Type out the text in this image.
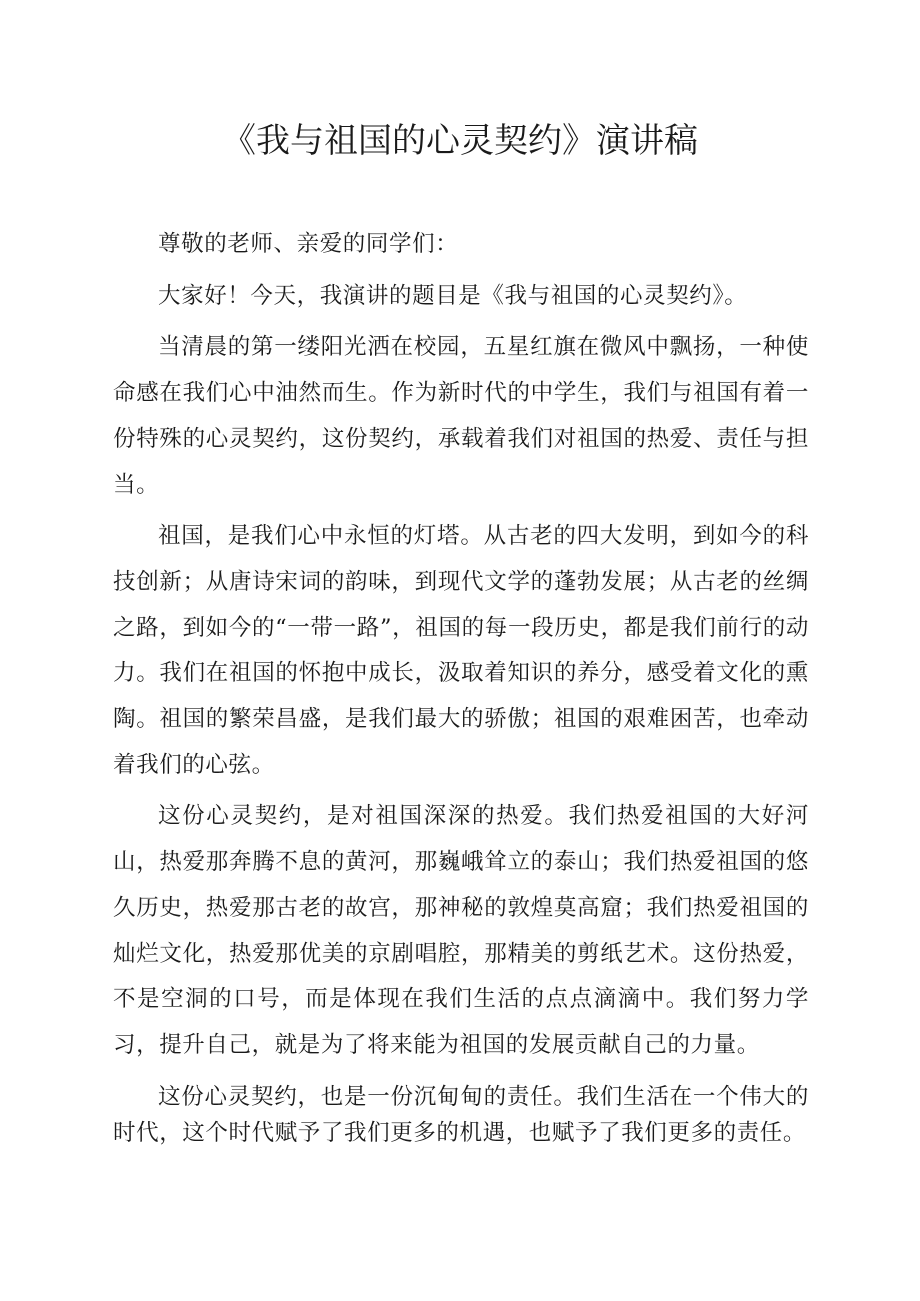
《我与祖国的心灵契约》演讲稿

尊敬的老师、亲爱的同学们：

大家好！今天，我演讲的题目是《我与祖国的心灵契约》。

当清晨的第一缕阳光洒在校园，五星红旗在微风中飘扬，一种使命感在我们心中油然而生。作为新时代的中学生，我们与祖国有着一份特殊的心灵契约，这份契约，承载着我们对祖国的热爱、责任与担当。

祖国，是我们心中永恒的灯塔。从古老的四大发明，到如今的科技创新；从唐诗宋词的韵味，到现代文学的蓬勃发展；从古老的丝绸之路，到如今的“一带一路”，祖国的每一段历史，都是我们前行的动力。我们在祖国的怀抱中成长，汲取着知识的养分，感受着文化的熏陶。祖国的繁荣昌盛，是我们最大的骄傲；祖国的艰难困苦，也牵动着我们的心弦。

这份心灵契约，是对祖国深深的热爱。我们热爱祖国的大好河山，热爱那奔腾不息的黄河，那巍峨耸立的泰山；我们热爱祖国的悠久历史，热爱那古老的故宫，那神秘的敦煌莫高窟；我们热爱祖国的灿烂文化，热爱那优美的京剧唱腔，那精美的剪纸艺术。这份热爱，不是空洞的口号，而是体现在我们生活的点点滴滴中。我们努力学习，提升自己，就是为了将来能为祖国的发展贡献自己的力量。

这份心灵契约，也是一份沉甸甸的责任。我们生活在一个伟大的时代，这个时代赋予了我们更多的机遇，也赋予了我们更多的责任。
